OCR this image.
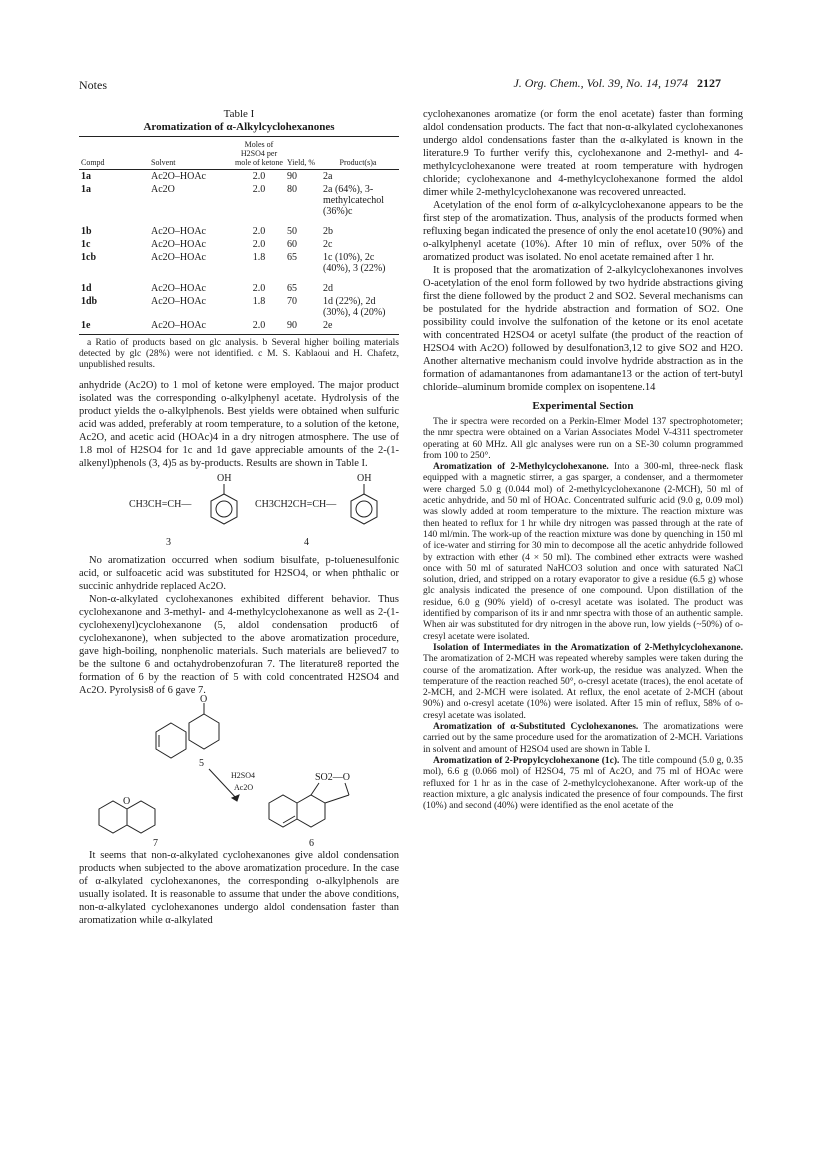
Notes	J. Org. Chem., Vol. 39, No. 14, 1974 2127
Table I
Aromatization of α-Alkylcyclohexanones

Compd	Solvent	Moles of H2SO4 per mole of ketone	Yield, %	Product(s)a
1a	Ac2O–HOAc	2.0	90	2a
1a	Ac2O	2.0	80	2a (64%), 3-methylcatechol (36%)c
1b	Ac2O–HOAc	2.0	50	2b
1c	Ac2O–HOAc	2.0	60	2c
1cb	Ac2O–HOAc	1.8	65	1c (10%), 2c (40%), 3 (22%)
1d	Ac2O–HOAc	2.0	65	2d
1db	Ac2O–HOAc	1.8	70	1d (22%), 2d (30%), 4 (20%)
1e	Ac2O–HOAc	2.0	90	2e
a Ratio of products based on glc analysis. b Several higher boiling materials detected by glc (28%) were not identified. c M. S. Kablaoui and H. Chafetz, unpublished results.

anhydride (Ac2O) to 1 mol of ketone were employed. The major product isolated was the corresponding o-alkylphenyl acetate. Hydrolysis of the product yields the o-alkylphenols. Best yields were obtained when sulfuric acid was added, preferably at room temperature, to a solution of the ketone, Ac2O, and acetic acid (HOAc)4 in a dry nitrogen atmosphere. The use of 1.8 mol of H2SO4 for 1c and 1d gave appreciable amounts of the 2-(1-alkenyl)phenols (3, 4)5 as by-products. Results are shown in Table I.

OH	OH
CH3CH=CH—	CH3CH2CH=CH—
3	4

No aromatization occurred when sodium bisulfate, p-toluenesulfonic acid, or sulfoacetic acid was substituted for H2SO4, or when phthalic or succinic anhydride replaced Ac2O.

Non-α-alkylated cyclohexanones exhibited different behavior. Thus cyclohexanone and 3-methyl- and 4-methylcyclohexanone as well as 2-(1-cyclohexenyl)cyclohexanone (5, aldol condensation product6 of cyclohexanone), when subjected to the above aromatization procedure, gave high-boiling, nonphenolic materials. Such materials are believed7 to be the sultone 6 and octahydrobenzofuran 7. The literature8 reported the formation of 6 by the reaction of 5 with cold concentrated H2SO4 and Ac2O. Pyrolysis8 of 6 gave 7.

O
5
H2SO4
Ac2O
SO2—O
O
7	6

It seems that non-α-alkylated cyclohexanones give aldol condensation products when subjected to the above aromatization procedure. In the case of α-alkylated cyclohexanones, the corresponding o-alkylphenols are usually isolated. It is reasonable to assume that under the above conditions, non-α-alkylated cyclohexanones undergo aldol condensation faster than aromatization while α-alkylated

cyclohexanones aromatize (or form the enol acetate) faster than forming aldol condensation products. The fact that non-α-alkylated cyclohexanones undergo aldol condensations faster than the α-alkylated is known in the literature.9 To further verify this, cyclohexanone and 2-methyl- and 4-methylcyclohexanone were treated at room temperature with hydrogen chloride; cyclohexanone and 4-methylcyclohexanone formed the aldol dimer while 2-methylcyclohexanone was recovered unreacted.

Acetylation of the enol form of α-alkylcyclohexanone appears to be the first step of the aromatization. Thus, analysis of the products formed when refluxing began indicated the presence of only the enol acetate10 (90%) and o-alkylphenyl acetate (10%). After 10 min of reflux, over 50% of the aromatized product was isolated. No enol acetate remained after 1 hr.

It is proposed that the aromatization of 2-alkylcyclohexanones involves O-acetylation of the enol form followed by two hydride abstractions giving first the diene followed by the product 2 and SO2. Several mechanisms can be postulated for the hydride abstraction and formation of SO2. One possibility could involve the sulfonation of the ketone or its enol acetate with concentrated H2SO4 or acetyl sulfate (the product of the reaction of H2SO4 with Ac2O) followed by desulfonation3,12 to give SO2 and H2O. Another alternative mechanism could involve hydride abstraction as in the formation of adamantanones from adamantane13 or the action of tert-butyl chloride–aluminum bromide complex on isopentene.14

Experimental Section

The ir spectra were recorded on a Perkin-Elmer Model 137 spectrophotometer; the nmr spectra were obtained on a Varian Associates Model V-4311 spectrometer operating at 60 MHz. All glc analyses were run on a SE-30 column programmed from 100 to 250°.

Aromatization of 2-Methylcyclohexanone. Into a 300-ml, three-neck flask equipped with a magnetic stirrer, a gas sparger, a condenser, and a thermometer were charged 5.0 g (0.044 mol) of 2-methylcyclohexanone (2-MCH), 50 ml of acetic anhydride, and 50 ml of HOAc. Concentrated sulfuric acid (9.0 g, 0.09 mol) was slowly added at room temperature to the mixture. The reaction mixture was then heated to reflux for 1 hr while dry nitrogen was passed through at the rate of 140 ml/min. The work-up of the reaction mixture was done by quenching in 150 ml of ice-water and stirring for 30 min to decompose all the acetic anhydride followed by extraction with ether (4 × 50 ml). The combined ether extracts were washed once with 50 ml of saturated NaHCO3 solution and once with saturated NaCl solution, dried, and stripped on a rotary evaporator to give a residue (6.5 g) whose glc analysis indicated the presence of one compound. Upon distillation of the residue, 6.0 g (90% yield) of o-cresyl acetate was isolated. The product was identified by comparison of its ir and nmr spectra with those of an authentic sample. When air was substituted for dry nitrogen in the above run, low yields (~50%) of o-cresyl acetate were isolated.

Isolation of Intermediates in the Aromatization of 2-Methylcyclohexanone. The aromatization of 2-MCH was repeated whereby samples were taken during the course of the aromatization. After work-up, the residue was analyzed. When the temperature of the reaction reached 50°, o-cresyl acetate (traces), the enol acetate of 2-MCH, and 2-MCH were isolated. At reflux, the enol acetate of 2-MCH (about 90%) and o-cresyl acetate (10%) were isolated. After 15 min of reflux, 58% of o-cresyl acetate was isolated.

Aromatization of α-Substituted Cyclohexanones. The aromatizations were carried out by the same procedure used for the aromatization of 2-MCH. Variations in solvent and amount of H2SO4 used are shown in Table I.

Aromatization of 2-Propylcyclohexanone (1c). The title compound (5.0 g, 0.35 mol), 6.6 g (0.066 mol) of H2SO4, 75 ml of Ac2O, and 75 ml of HOAc were refluxed for 1 hr as in the case of 2-methylcyclohexanone. After work-up of the reaction mixture, a glc analysis indicated the presence of four compounds. The first (10%) and second (40%) were identified as the enol acetate of the
